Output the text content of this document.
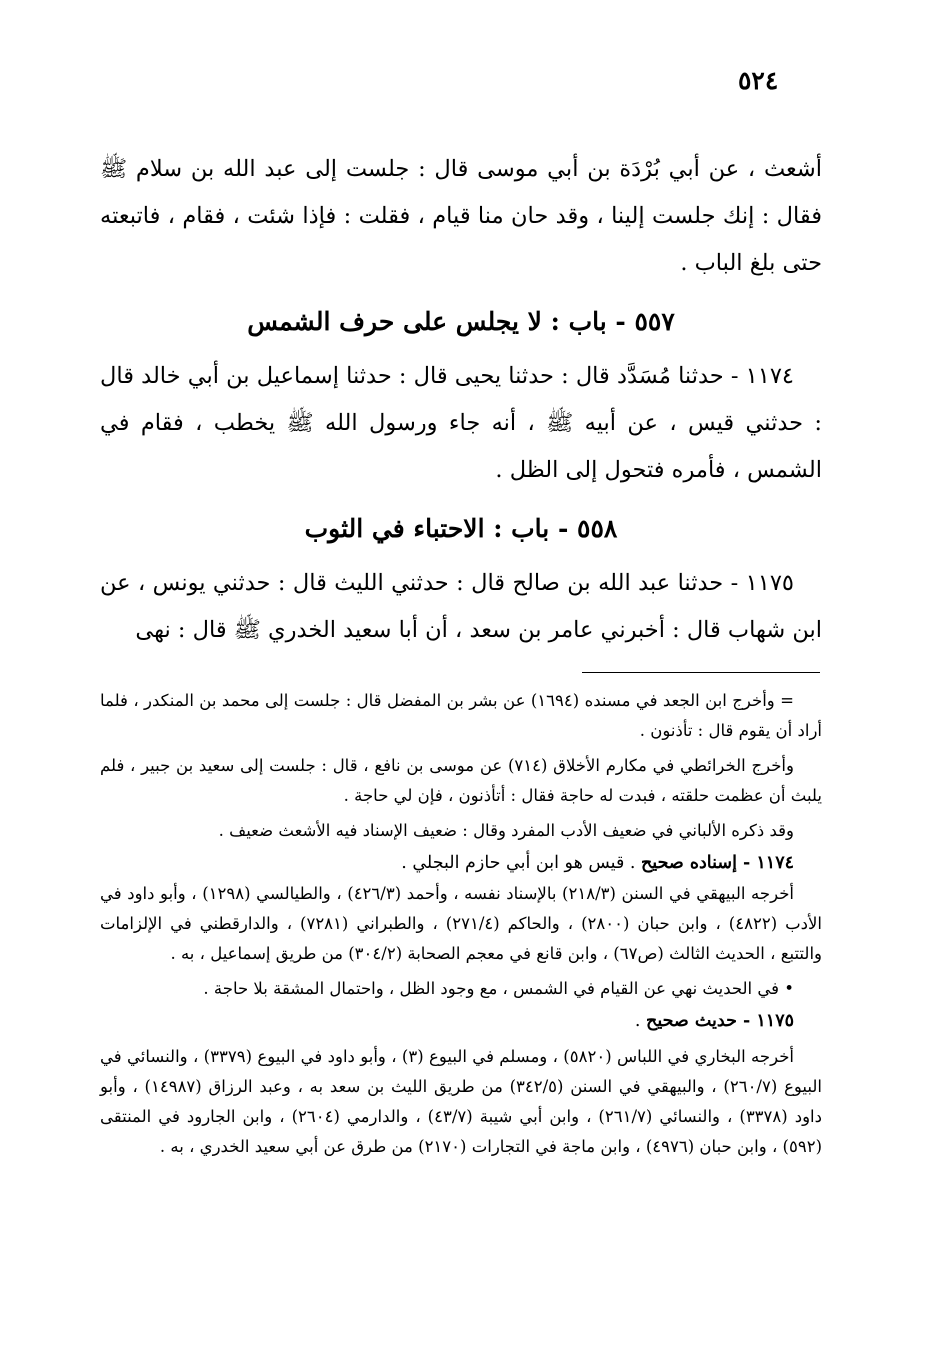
٥٢٤

أشعث ، عن أبي بُرْدَة بن أبي موسى قال : جلست إلى عبد الله بن سلام ﷺ فقال : إنك جلست إلينا ، وقد حان منا قيام ، فقلت : فإذا شئت ، فقام ، فاتبعته حتى بلغ الباب .

٥٥٧ - باب : لا يجلس على حرف الشمس

١١٧٤ - حدثنا مُسَدَّد قال : حدثنا يحيى قال : حدثنا إسماعيل بن أبي خالد قال : حدثني قيس ، عن أبيه ﷺ ، أنه جاء ورسول الله ﷺ يخطب ، فقام في الشمس ، فأمره فتحول إلى الظل .

٥٥٨ - باب : الاحتباء في الثوب

١١٧٥ - حدثنا عبد الله بن صالح قال : حدثني الليث قال : حدثني يونس ، عن ابن شهاب قال : أخبرني عامر بن سعد ، أن أبا سعيد الخدري ﷺ قال : نهى

= وأخرج ابن الجعد في مسنده (١٦٩٤) عن بشر بن المفضل قال : جلست إلى محمد بن المنكدر ، فلما أراد أن يقوم قال : تأذنون .

وأخرج الخرائطي في مكارم الأخلاق (٧١٤) عن موسى بن نافع ، قال : جلست إلى سعيد بن جبير ، فلم يلبث أن عظمت حلقته ، فبدت له حاجة فقال : أتأذنون ، فإن لي حاجة .

وقد ذكره الألباني في ضعيف الأدب المفرد وقال : ضعيف الإسناد فيه الأشعث ضعيف .

١١٧٤ - إسناده صحيح . قيس هو ابن أبي حازم البجلي .

أخرجه البيهقي في السنن (٢١٨/٣) بالإسناد نفسه ، وأحمد (٤٢٦/٣) ، والطيالسي (١٢٩٨) ، وأبو داود في الأدب (٤٨٢٢) ، وابن حبان (٢٨٠٠) ، والحاكم (٢٧١/٤) ، والطبراني (٧٢٨١) ، والدارقطني في الإلزامات والتتبع ، الحديث الثالث (ص٦٧) ، وابن قانع في معجم الصحابة (٣٠٤/٢) من طريق إسماعيل ، به .

• في الحديث نهي عن القيام في الشمس ، مع وجود الظل ، واحتمال المشقة بلا حاجة .

١١٧٥ - حديث صحيح .

أخرجه البخاري في اللباس (٥٨٢٠) ، ومسلم في البيوع (٣) ، وأبو داود في البيوع (٣٣٧٩) ، والنسائي في البيوع (٢٦٠/٧) ، والبيهقي في السنن (٣٤٢/٥) من طريق الليث بن سعد به ، وعبد الرزاق (١٤٩٨٧) ، وأبو داود (٣٣٧٨) ، والنسائي (٢٦١/٧) ، وابن أبي شيبة (٤٣/٧) ، والدارمي (٢٦٠٤) ، وابن الجارود في المنتقى (٥٩٢) ، وابن حبان (٤٩٧٦) ، وابن ماجة في التجارات (٢١٧٠) من طرق عن أبي سعيد الخدري ، به .
